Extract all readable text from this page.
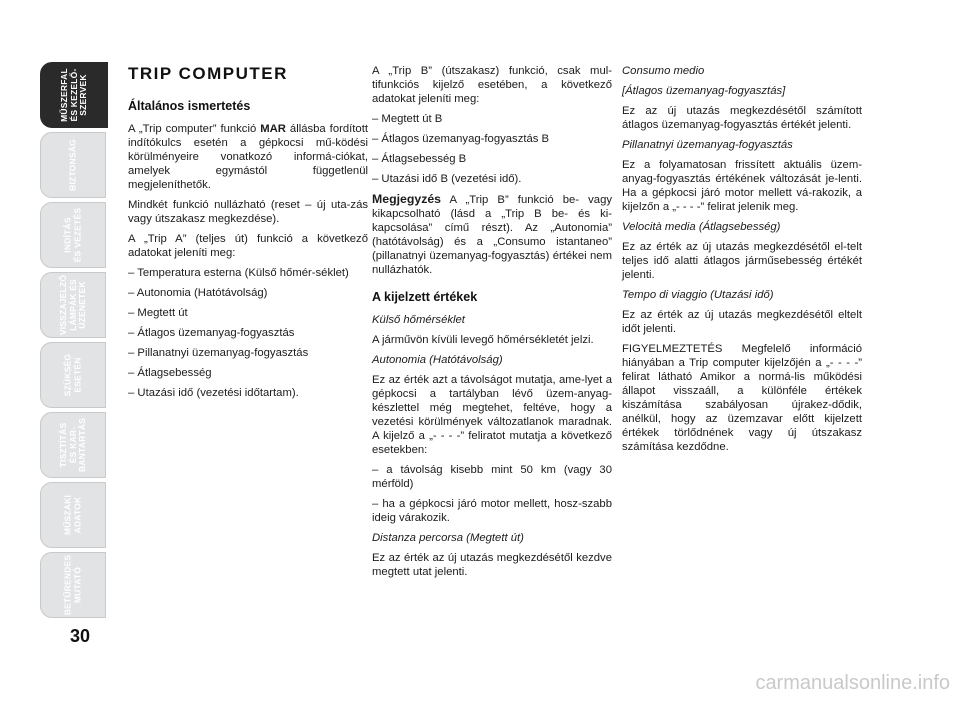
MŰSZERFAL
ÉS KEZELŐ-
SZERVEK
BIZTONSÁG
INDÍTÁS
ÉS VEZETÉS
VISSZAJELZŐ
LÁMPÁK ÉS
ÜZENETEK
SZÜKSÉG
ESETÉN
TISZTÍTÁS
ÉS KAR-
BANTARTÁS
MŰSZAKI
ADATOK
BETŰRENDES
MUTATÓ
30
TRIP COMPUTER
Általános ismertetés

A „Trip computer” funkció MAR állásba fordított indítókulcs esetén a gépkocsi mű-ködési körülményeire vonatkozó informá-ciókat, amelyek egymástól függetlenül megjeleníthetők.

Mindkét funkció nullázható (reset – új uta-zás vagy útszakasz megkezdése).

A „Trip A” (teljes út) funkció a következő adatokat jeleníti meg:

– Temperatura esterna (Külső hőmér-séklet)

– Autonomia (Hatótávolság)

– Megtett út

– Átlagos üzemanyag-fogyasztás

– Pillanatnyi üzemanyag-fogyasztás

– Átlagsebesség

– Utazási idő (vezetési időtartam).

A „Trip B” (útszakasz) funkció, csak mul-tifunkciós kijelző esetében, a következő adatokat jeleníti meg:

– Megtett út B

– Átlagos üzemanyag-fogyasztás B

– Átlagsebesség B

– Utazási idő B (vezetési idő).

Megjegyzés A „Trip B” funkció be- vagy kikapcsolható (lásd a „Trip B be- és ki-kapcsolása” című részt). Az „Autonomia” (hatótávolság) és a „Consumo istantaneo” (pillanatnyi üzemanyag-fogyasztás) értékei nem nullázhatók.

A kijelzett értékek

Külső hőmérséklet

A járművön kívüli levegő hőmérsékletét jelzi.

Autonomia (Hatótávolság)

Ez az érték azt a távolságot mutatja, ame-lyet a gépkocsi a tartályban lévő üzem-anyag-készlettel még megtehet, feltéve, hogy a vezetési körülmények változatlanok maradnak. A kijelző a „- - - -” feliratot mutatja a következő esetekben:

– a távolság kisebb mint 50 km (vagy 30 mérföld)

– ha a gépkocsi járó motor mellett, hosz-szabb ideig várakozik.

Distanza percorsa (Megtett út)

Ez az érték az új utazás megkezdésétől kezdve megtett utat jelenti.

Consumo medio

[Átlagos üzemanyag-fogyasztás]

Ez az új utazás megkezdésétől számított átlagos üzemanyag-fogyasztás értékét jelenti.

Pillanatnyi üzemanyag-fogyasztás

Ez a folyamatosan frissített aktuális üzem-anyag-fogyasztás értékének változását je-lenti. Ha a gépkocsi járó motor mellett vá-rakozik, a kijelzőn a „- - - -” felirat jelenik meg.

Velocità media (Átlagsebesség)

Ez az érték az új utazás megkezdésétől el-telt teljes idő alatti átlagos járműsebesség értékét jelenti.

Tempo di viaggio (Utazási idő)

Ez az érték az új utazás megkezdésétől eltelt időt jelenti.

FIGYELMEZTETÉS Megfelelő információ hiányában a Trip computer kijelzőjén a „- - - -” felirat látható Amikor a normá-lis működési állapot visszaáll, a különféle értékek kiszámítása szabályosan újrakez-dődik, anélkül, hogy az üzemzavar előtt kijelzett értékek törlődnének vagy új útszakasz számítása kezdődne.

carmanualsonline.info
